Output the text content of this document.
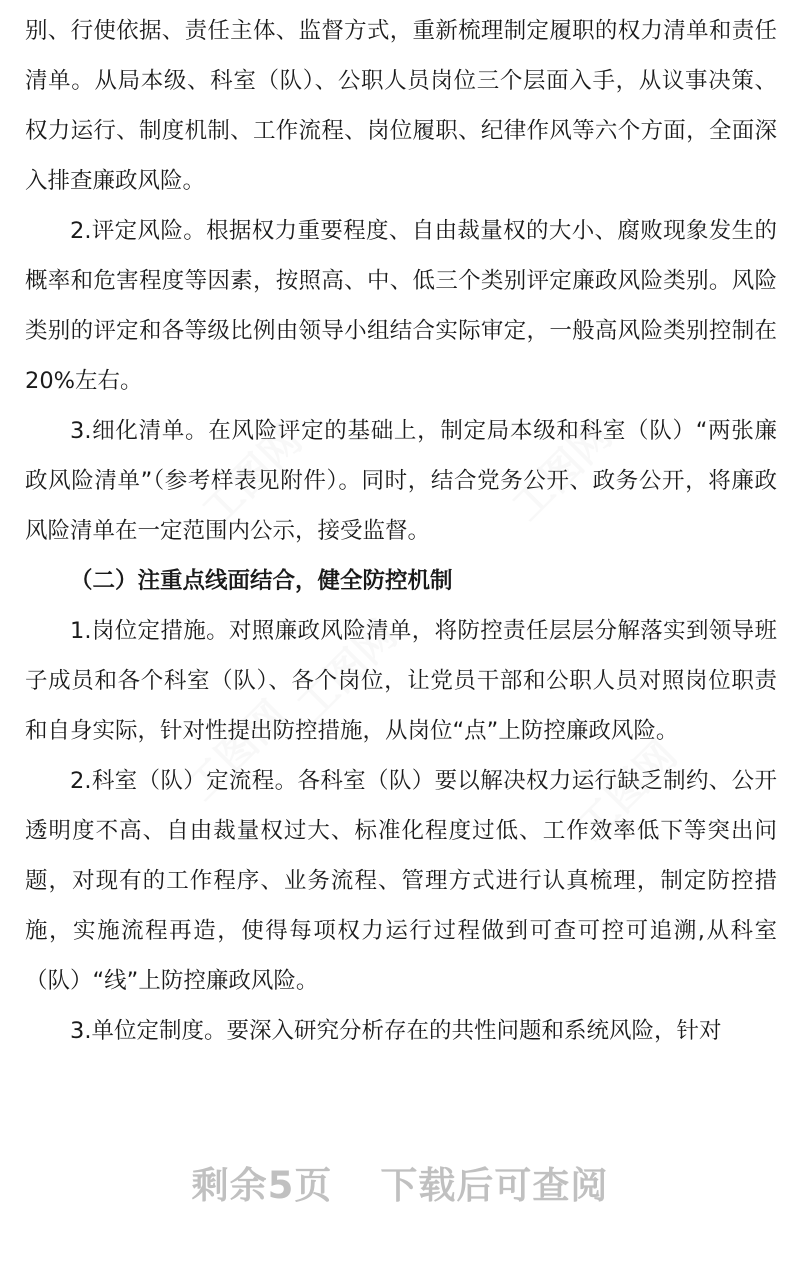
工图网	工图网
工图网
工图网	工图网

别、行使依据、责任主体、监督方式，重新梳理制定履职的权力清单和责任清单。从局本级、科室（队）、公职人员岗位三个层面入手，从议事决策、权力运行、制度机制、工作流程、岗位履职、纪律作风等六个方面，全面深入排查廉政风险。

2.评定风险。根据权力重要程度、自由裁量权的大小、腐败现象发生的概率和危害程度等因素，按照高、中、低三个类别评定廉政风险类别。风险类别的评定和各等级比例由领导小组结合实际审定，一般高风险类别控制在 20%左右。

3.细化清单。在风险评定的基础上，制定局本级和科室（队）“两张廉政风险清单”（参考样表见附件）。同时，结合党务公开、政务公开，将廉政风险清单在一定范围内公示，接受监督。

（二）注重点线面结合，健全防控机制

1.岗位定措施。对照廉政风险清单，将防控责任层层分解落实到领导班子成员和各个科室（队）、各个岗位，让党员干部和公职人员对照岗位职责和自身实际，针对性提出防控措施，从岗位“点”上防控廉政风险。

2.科室（队）定流程。各科室（队）要以解决权力运行缺乏制约、公开透明度不高、自由裁量权过大、标准化程度过低、工作效率低下等突出问题，对现有的工作程序、业务流程、管理方式进行认真梳理，制定防控措施，实施流程再造，使得每项权力运行过程做到可查可控可追溯,从科室（队）“线”上防控廉政风险。

3.单位定制度。要深入研究分析存在的共性问题和系统风险，针对

剩余5页 下载后可查阅
